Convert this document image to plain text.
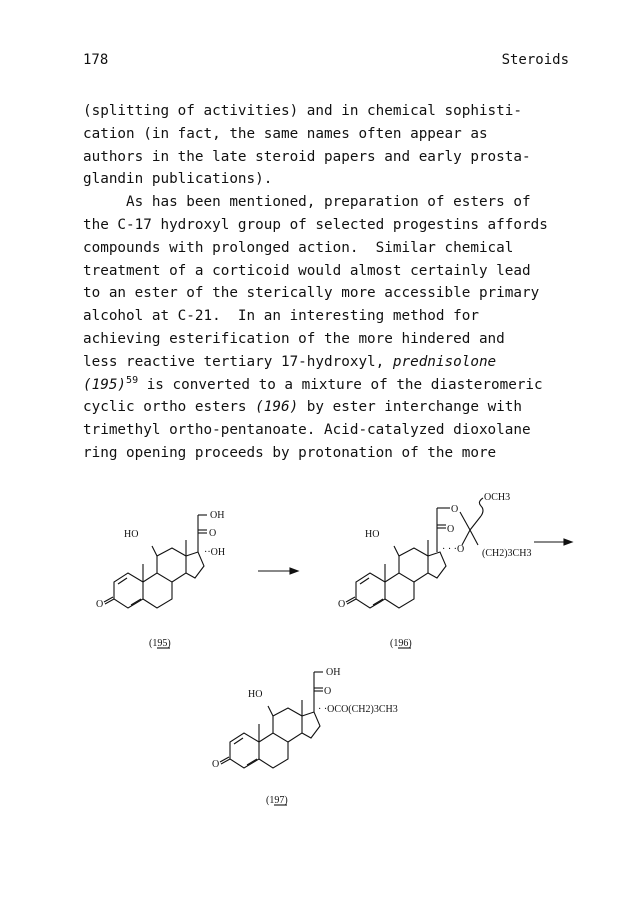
178	Steroids
(splitting of activities) and in chemical sophisti-
cation (in fact, the same names often appear as
authors in the late steroid papers and early prosta-
glandin publications).
As has been mentioned, preparation of esters of
the C-17 hydroxyl group of selected progestins affords
compounds with prolonged action.  Similar chemical
treatment of a corticoid would almost certainly lead
to an ester of the sterically more accessible primary
alcohol at C-21.  In an interesting method for
achieving esterification of the more hindered and
less reactive tertiary 17-hydroxyl, prednisolone
$(195)^{59}$ is converted to a mixture of the diasteromeric
cyclic ortho esters (196) by ester interchange with
trimethyl ortho-pentanoate. Acid-catalyzed dioxolane
ring opening proceeds by protonation of the more
HO
OH
O
··OH
O
(195)
HO
O
O
· · ·O
OCH3
(CH2)3CH3
O
(196)
HO
OH
O
· ·OCO(CH2)3CH3
O
(197)
